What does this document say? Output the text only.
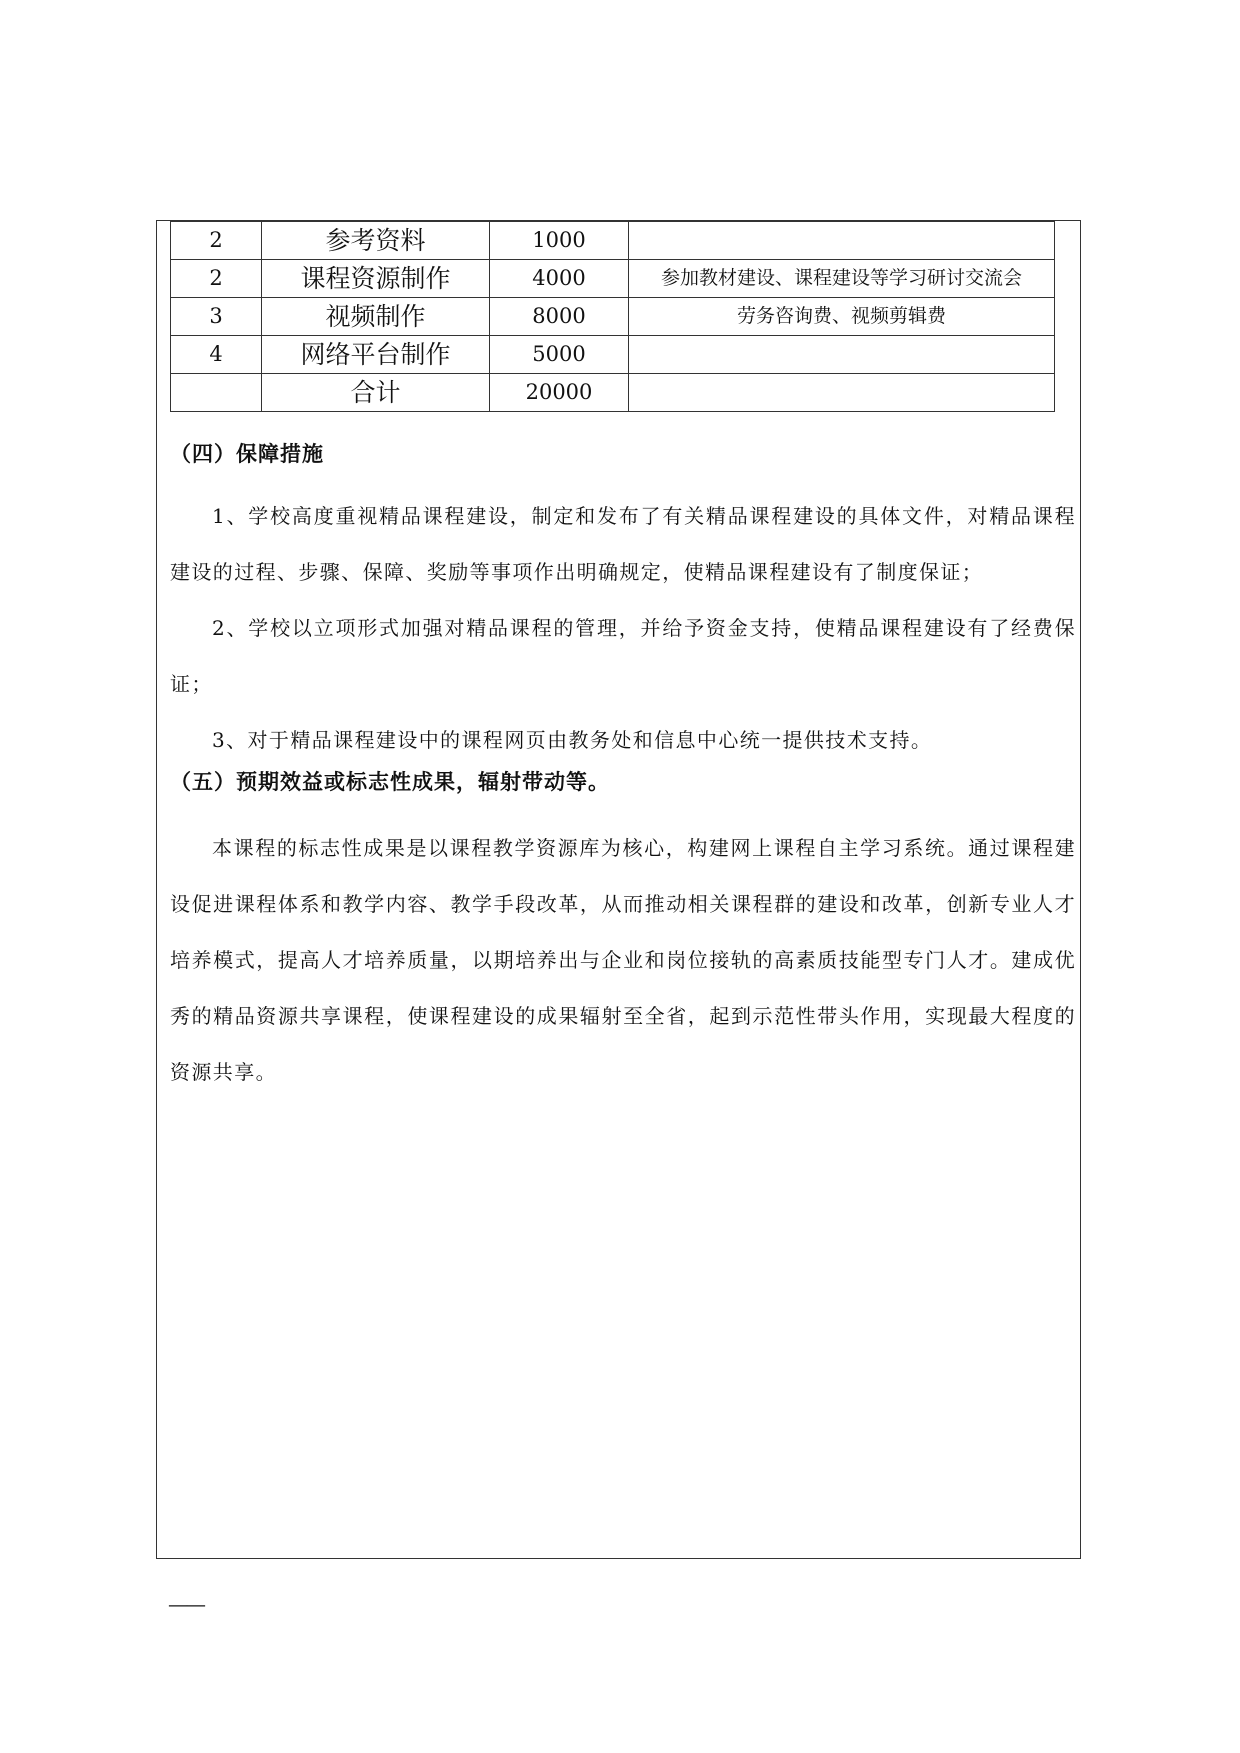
2	参考资料	1000	
2	课程资源制作	4000	参加教材建设、课程建设等学习研讨交流会
3	视频制作	8000	劳务咨询费、视频剪辑费
4	网络平台制作	5000	
	合计	20000	
（四）保障措施
1、学校高度重视精品课程建设，制定和发布了有关精品课程建设的具体文件，对精品课程建设的过程、步骤、保障、奖励等事项作出明确规定，使精品课程建设有了制度保证；
2、学校以立项形式加强对精品课程的管理，并给予资金支持，使精品课程建设有了经费保证；
3、对于精品课程建设中的课程网页由教务处和信息中心统一提供技术支持。
（五）预期效益或标志性成果，辐射带动等。
本课程的标志性成果是以课程教学资源库为核心，构建网上课程自主学习系统。通过课程建设促进课程体系和教学内容、教学手段改革，从而推动相关课程群的建设和改革，创新专业人才培养模式，提高人才培养质量，以期培养出与企业和岗位接轨的高素质技能型专门人才。建成优秀的精品资源共享课程，使课程建设的成果辐射至全省，起到示范性带头作用，实现最大程度的资源共享。
——
